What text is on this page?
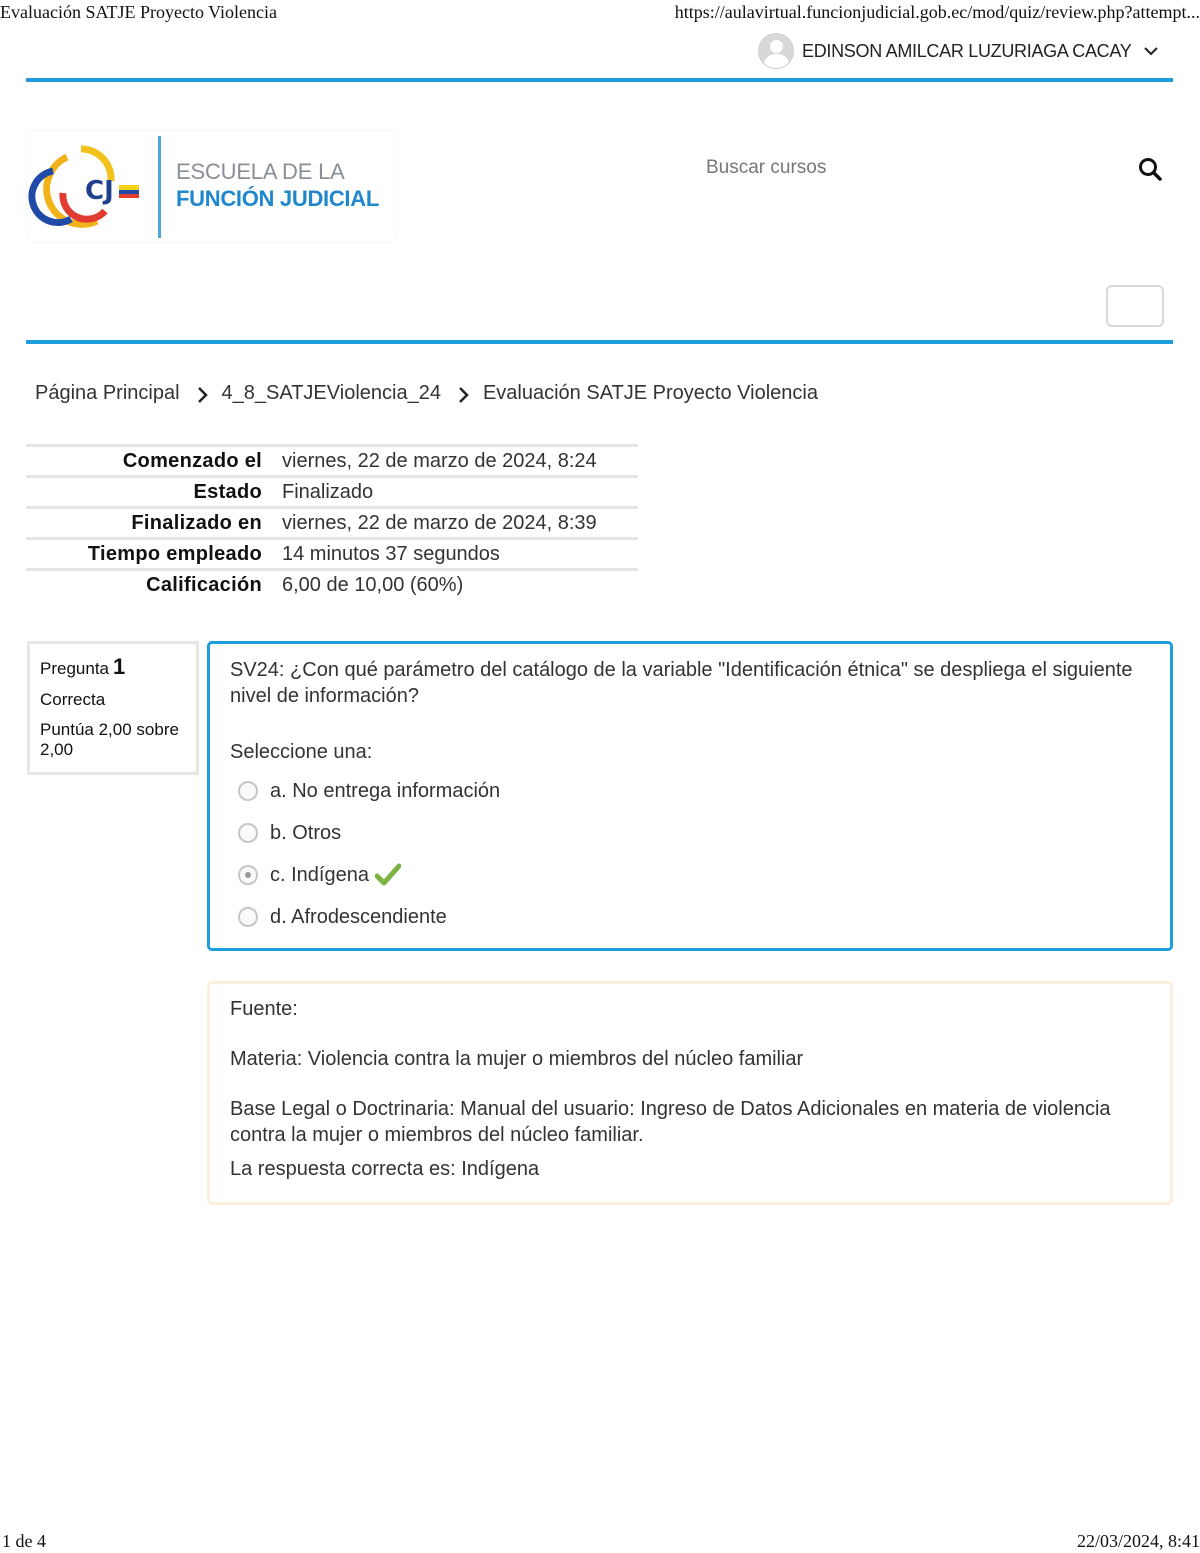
Evaluación SATJE Proyecto Violencia	https://aulavirtual.funcionjudicial.gob.ec/mod/quiz/review.php?attempt...
EDINSON AMILCAR LUZURIAGA CACAY
CJ
ESCUELA DE LA
FUNCIÓN JUDICIAL
Buscar cursos
Página Principal 4_8_SATJEViolencia_24 Evaluación SATJE Proyecto Violencia
Comenzado el	viernes, 22 de marzo de 2024, 8:24
Estado	Finalizado
Finalizado en	viernes, 22 de marzo de 2024, 8:39
Tiempo empleado	14 minutos 37 segundos
Calificación	6,00 de 10,00 (60%)
Pregunta 1
Correcta
Puntúa 2,00 sobre 2,00
SV24: ¿Con qué parámetro del catálogo de la variable "Identificación étnica" se despliega el siguiente nivel de información?
Seleccione una:
a. No entrega información
b. Otros
c. Indígena
d. Afrodescendiente
Fuente:
Materia: Violencia contra la mujer o miembros del núcleo familiar
Base Legal o Doctrinaria: Manual del usuario: Ingreso de Datos Adicionales en materia de violencia contra la mujer o miembros del núcleo familiar.
La respuesta correcta es: Indígena
1 de 4	22/03/2024, 8:41
